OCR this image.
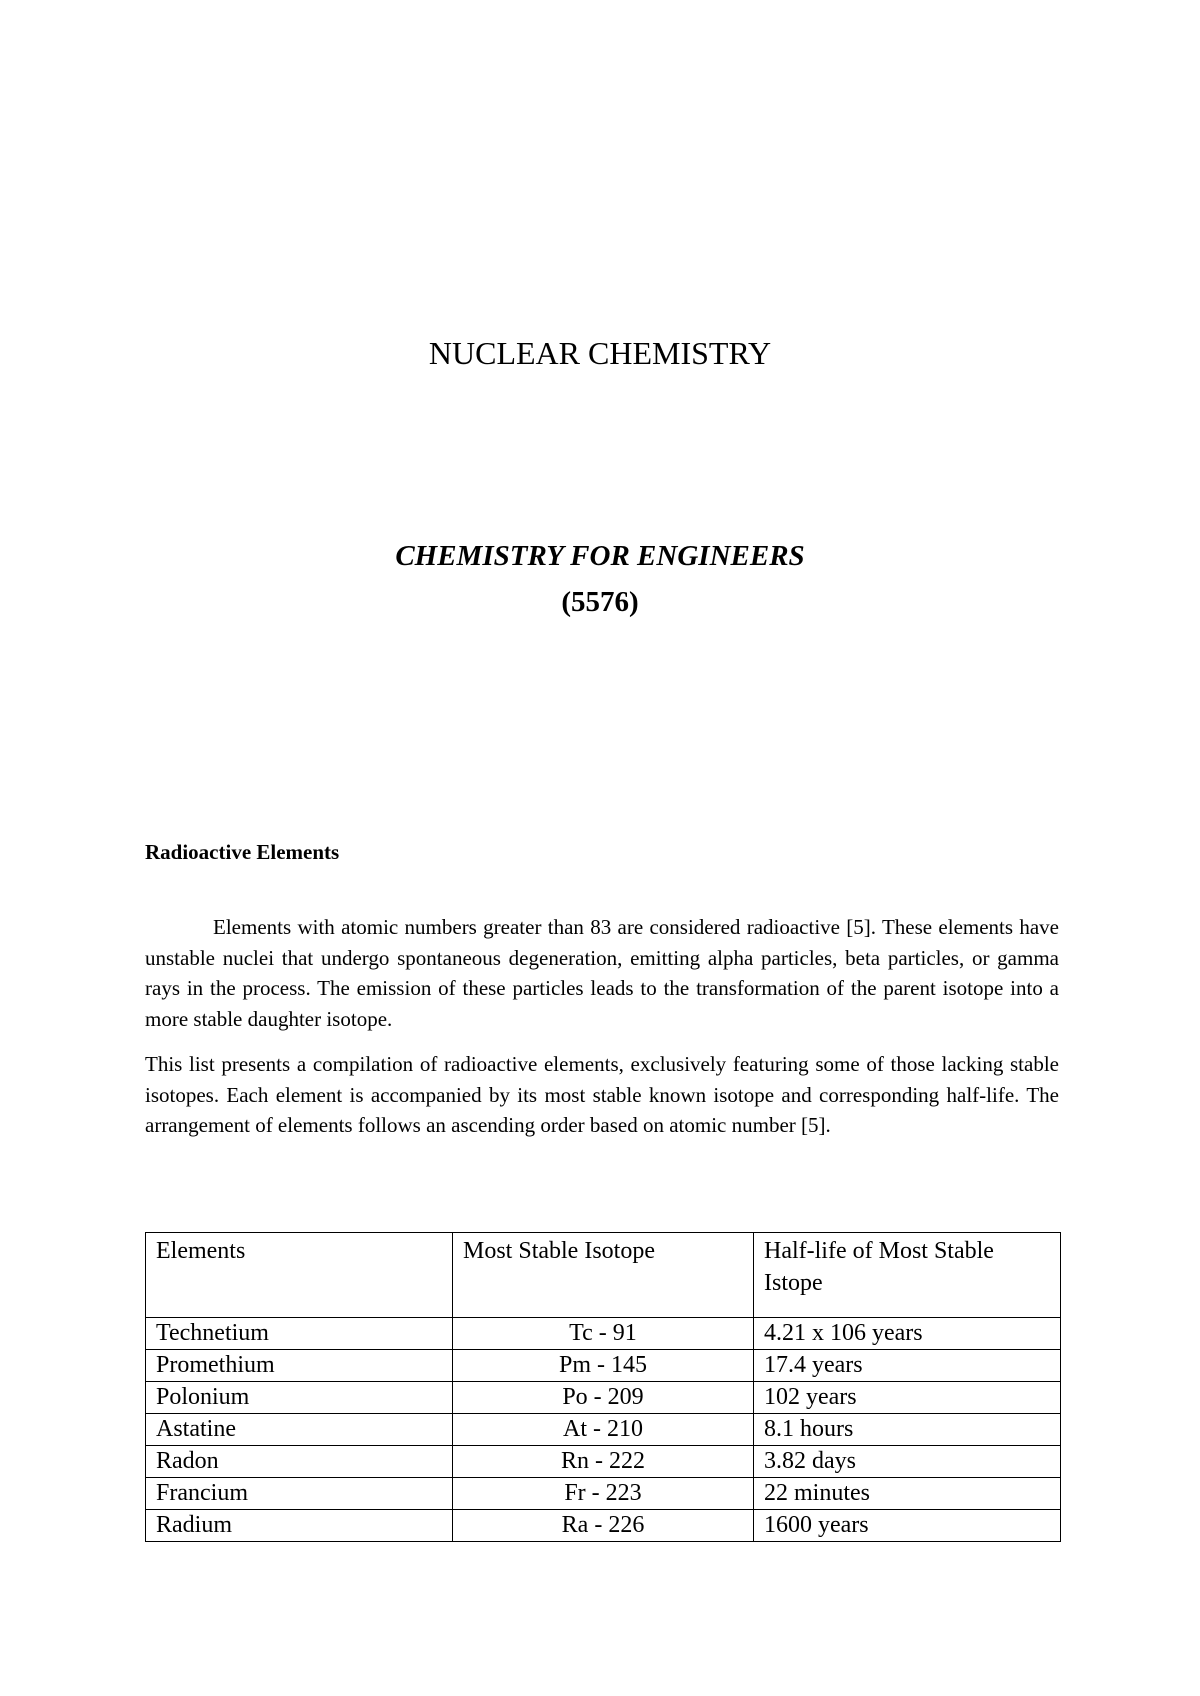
NUCLEAR CHEMISTRY
CHEMISTRY FOR ENGINEERS
(5576)
Radioactive Elements

Elements with atomic numbers greater than 83 are considered radioactive [5]. These elements have unstable nuclei that undergo spontaneous degeneration, emitting alpha particles, beta particles, or gamma rays in the process. The emission of these particles leads to the transformation of the parent isotope into a more stable daughter isotope.

This list presents a compilation of radioactive elements, exclusively featuring some of those lacking stable isotopes. Each element is accompanied by its most stable known isotope and corresponding half-life. The arrangement of elements follows an ascending order based on atomic number [5].

Elements	Most Stable Isotope	Half-life of Most Stable Istope
Technetium	Tc - 91	4.21 x 106 years
Promethium	Pm - 145	17.4 years
Polonium	Po - 209	102 years
Astatine	At - 210	8.1 hours
Radon	Rn - 222	3.82 days
Francium	Fr - 223	22 minutes
Radium	Ra - 226	1600 years
